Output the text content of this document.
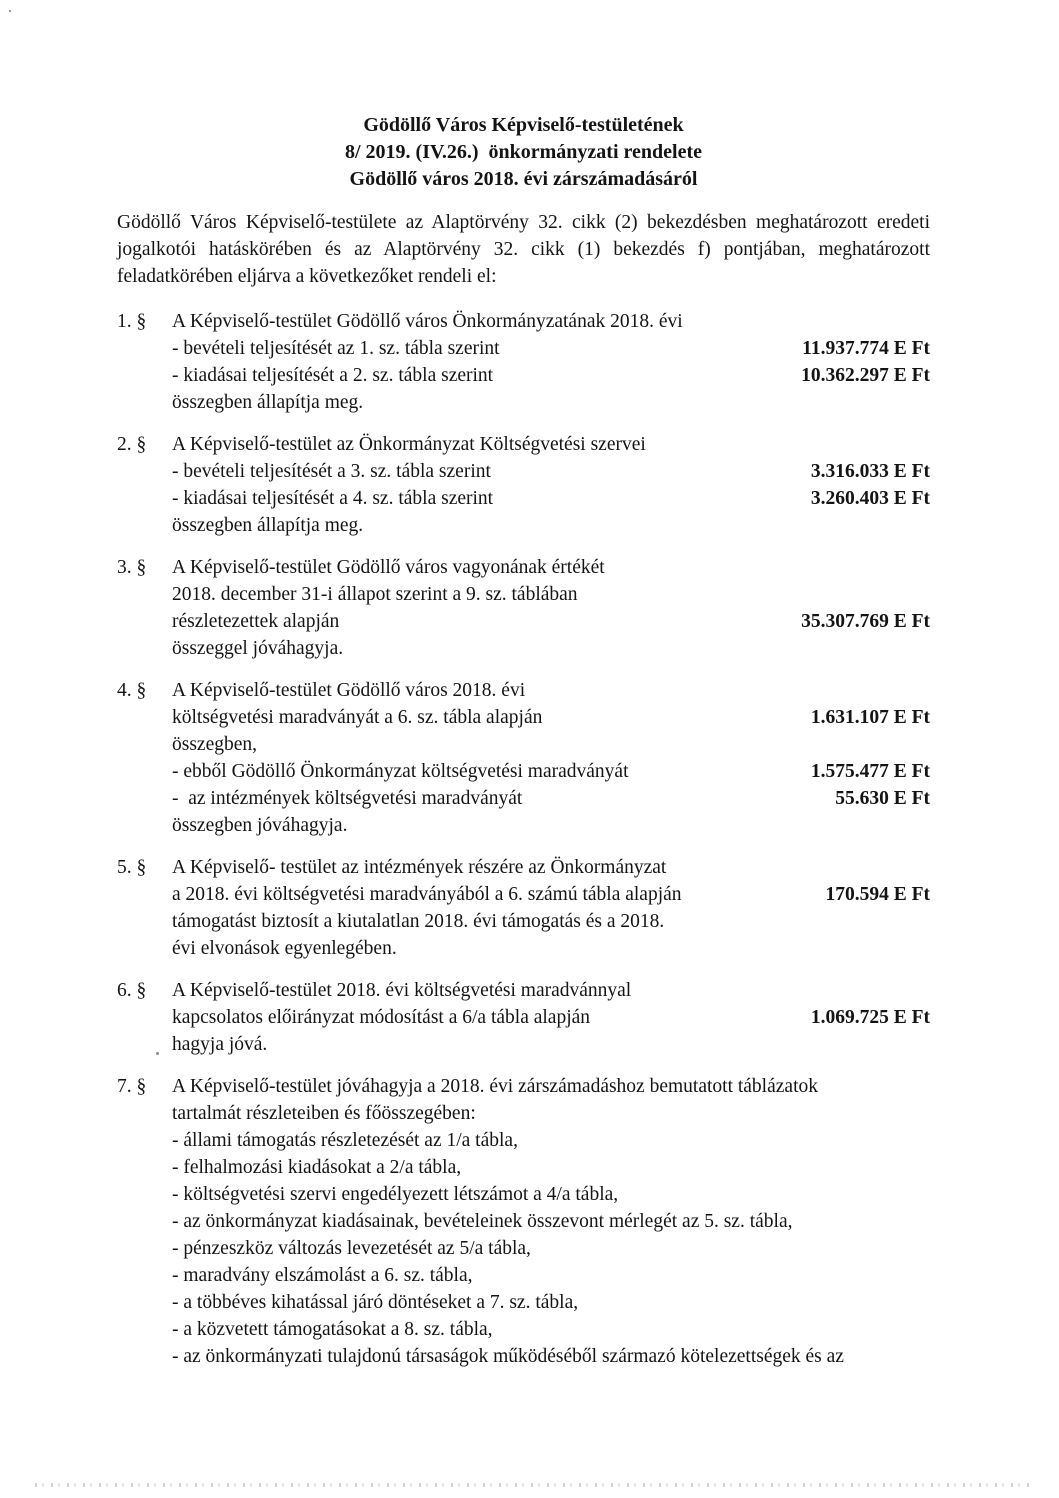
Gödöllő Város Képviselő-testületének
8/ 2019. (IV.26.)  önkormányzati rendelete
Gödöllő város 2018. évi zárszámadásáról

Gödöllő Város Képviselő-testülete az Alaptörvény 32. cikk (2) bekezdésben meghatározott eredeti jogalkotói hatáskörében és az Alaptörvény 32. cikk (1) bekezdés f) pontjában, meghatározott feladatkörében eljárva a következőket rendeli el:

1. §	A Képviselő-testület Gödöllő város Önkormányzatának 2018. évi
- bevételi teljesítését az 1. sz. tábla szerint	11.937.774 E Ft
- kiadásai teljesítését a 2. sz. tábla szerint	10.362.297 E Ft
összegben állapítja meg.
2. §	A Képviselő-testület az Önkormányzat Költségvetési szervei
- bevételi teljesítését a 3. sz. tábla szerint	3.316.033 E Ft
- kiadásai teljesítését a 4. sz. tábla szerint	3.260.403 E Ft
összegben állapítja meg.
3. §	A Képviselő-testület Gödöllő város vagyonának értékét
2018. december 31-i állapot szerint a 9. sz. táblában
részletezettek alapján	35.307.769 E Ft
összeggel jóváhagyja.
4. §	A Képviselő-testület Gödöllő város 2018. évi
költségvetési maradványát a 6. sz. tábla alapján	1.631.107 E Ft
összegben,
- ebből Gödöllő Önkormányzat költségvetési maradványát	1.575.477 E Ft
-  az intézmények költségvetési maradványát	55.630 E Ft
összegben jóváhagyja.
5. §	A Képviselő- testület az intézmények részére az Önkormányzat
a 2018. évi költségvetési maradványából a 6. számú tábla alapján	170.594 E Ft
támogatást biztosít a kiutalatlan 2018. évi támogatás és a 2018.
évi elvonások egyenlegében.
6. §	A Képviselő-testület 2018. évi költségvetési maradvánnyal
kapcsolatos előirányzat módosítást a 6/a tábla alapján	1.069.725 E Ft
hagyja jóvá.
7. §	A Képviselő-testület jóváhagyja a 2018. évi zárszámadáshoz bemutatott táblázatok
tartalmát részleteiben és főösszegében:
- állami támogatás részletezését az 1/a tábla,
- felhalmozási kiadásokat a 2/a tábla,
- költségvetési szervi engedélyezett létszámot a 4/a tábla,
- az önkormányzat kiadásainak, bevételeinek összevont mérlegét az 5. sz. tábla,
- pénzeszköz változás levezetését az 5/a tábla,
- maradvány elszámolást a 6. sz. tábla,
- a többéves kihatással járó döntéseket a 7. sz. tábla,
- a közvetett támogatásokat a 8. sz. tábla,
- az önkormányzati tulajdonú társaságok működéséből származó kötelezettségek és az
